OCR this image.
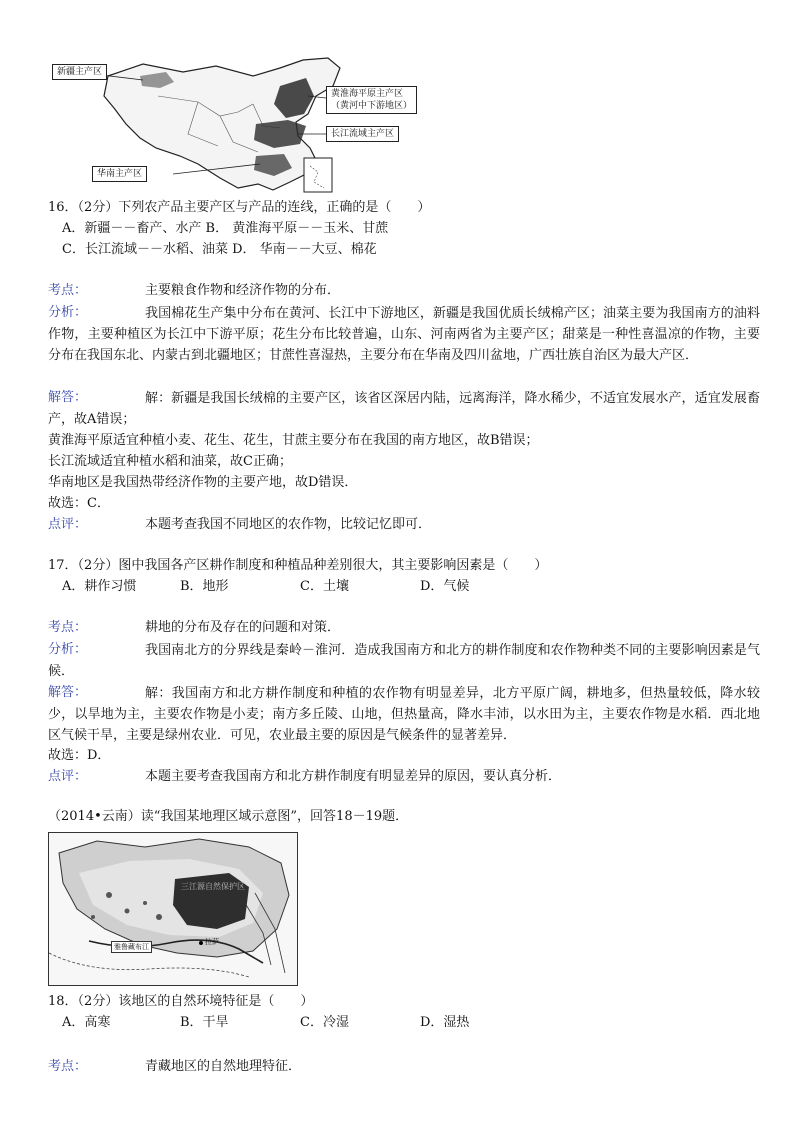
新疆主产区
黄淮海平原主产区
（黄河中下游地区）
长江流域主产区
华南主产区
16．（2分）下列农产品主要产区与产品的连线，正确的是（　　）
A．新疆－－畜产、水产 B． 黄淮海平原－－玉米、甘蔗
C．长江流域－－水稻、油菜 D． 华南－－大豆、棉花
考点：	主要粮食作物和经济作物的分布．
分析：	我国棉花生产集中分布在黄河、长江中下游地区，新疆是我国优质长绒棉产区；油菜主要为我国南方的油料作物，主要种植区为长江中下游平原；花生分布比较普遍，山东、河南两省为主要产区；甜菜是一种性喜温凉的作物，主要分布在我国东北、内蒙古到北疆地区；甘蔗性喜湿热，主要分布在华南及四川盆地，广西壮族自治区为最大产区．
解答：	解：新疆是我国长绒棉的主要产区，该省区深居内陆，远离海洋，降水稀少，不适宜发展水产，适宜发展畜产，故A错误；
黄淮海平原适宜种植小麦、花生、花生，甘蔗主要分布在我国的南方地区，故B错误；
长江流域适宜种植水稻和油菜，故C正确；
华南地区是我国热带经济作物的主要产地，故D错误．
故选：C．
点评：	本题考查我国不同地区的农作物，比较记忆即可．
17．（2分）图中我国各产区耕作制度和种植品种差别很大，其主要影响因素是（　　）
A．耕作习惯	B．地形	C．土壤	D．气候
考点：	耕地的分布及存在的问题和对策．
分析：	我国南北方的分界线是秦岭－淮河．造成我国南方和北方的耕作制度和农作物种类不同的主要影响因素是气候．
解答：	解：我国南方和北方耕作制度和种植的农作物有明显差异，北方平原广阔，耕地多，但热量较低，降水较少，以旱地为主，主要农作物是小麦；南方多丘陵、山地，但热量高，降水丰沛，以水田为主，主要农作物是水稻．西北地区气候干旱，主要是绿州农业．可见，农业最主要的原因是气候条件的显著差异．
故选：D．
点评：	本题主要考查我国南方和北方耕作制度有明显差异的原因，要认真分析．
（2014•云南）读“我国某地理区域示意图”，回答18－19题．
三江源自然保护区
雅鲁藏布江
拉萨
18．（2分）该地区的自然环境特征是（　　）
A．高寒	B．干旱	C．冷湿	D．湿热
考点：	青藏地区的自然地理特征．
